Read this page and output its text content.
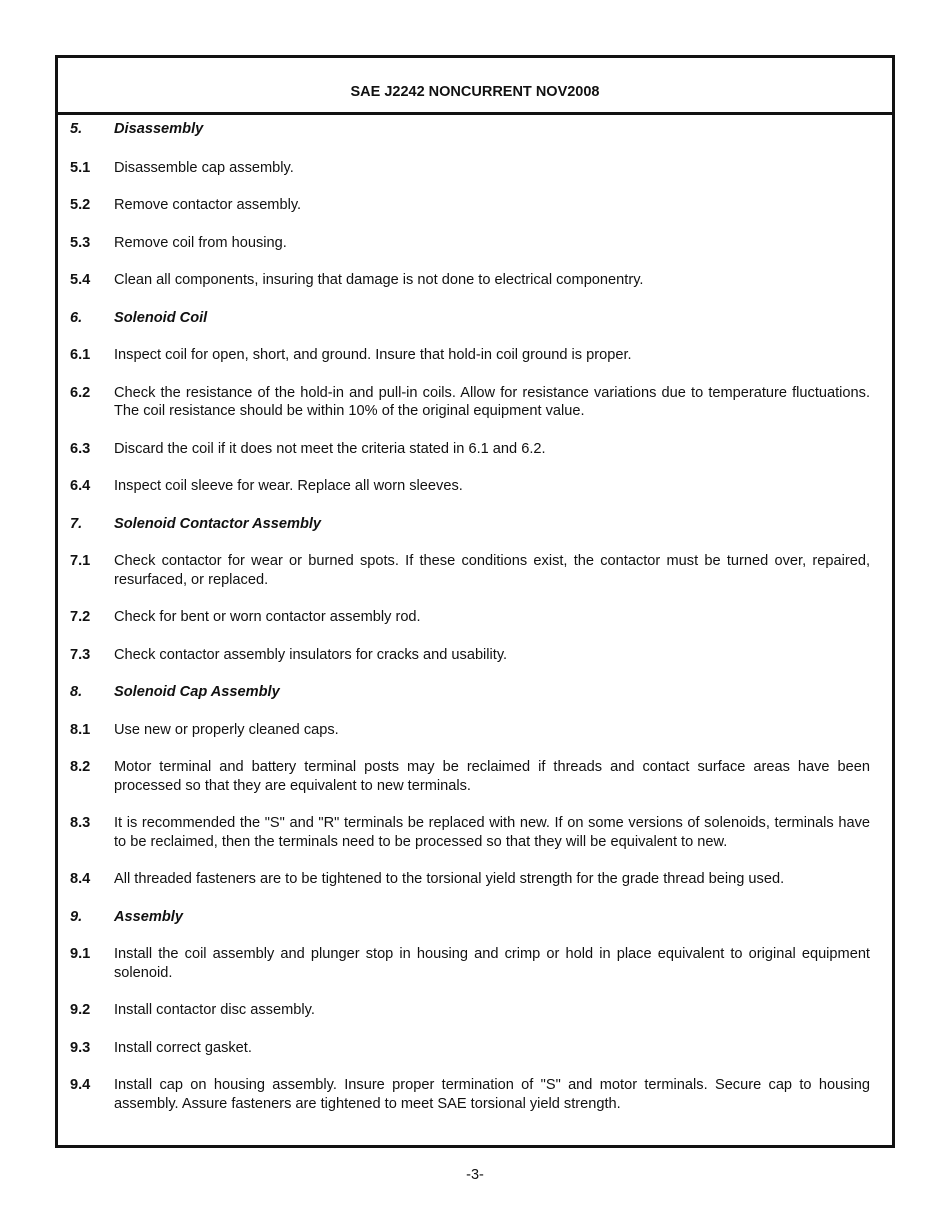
SAE J2242 NONCURRENT NOV2008
5.	Disassembly
5.1	Disassemble cap assembly.
5.2	Remove contactor assembly.
5.3	Remove coil from housing.
5.4	Clean all components, insuring that damage is not done to electrical componentry.
6.	Solenoid Coil
6.1	Inspect coil for open, short, and ground. Insure that hold-in coil ground is proper.
6.2	Check the resistance of the hold-in and pull-in coils. Allow for resistance variations due to temperature fluctuations. The coil resistance should be within 10% of the original equipment value.
6.3	Discard the coil if it does not meet the criteria stated in 6.1 and 6.2.
6.4	Inspect coil sleeve for wear. Replace all worn sleeves.
7.	Solenoid Contactor Assembly
7.1	Check contactor for wear or burned spots. If these conditions exist, the contactor must be turned over, repaired, resurfaced, or replaced.
7.2	Check for bent or worn contactor assembly rod.
7.3	Check contactor assembly insulators for cracks and usability.
8.	Solenoid Cap Assembly
8.1	Use new or properly cleaned caps.
8.2	Motor terminal and battery terminal posts may be reclaimed if threads and contact surface areas have been processed so that they are equivalent to new terminals.
8.3	It is recommended the "S" and "R" terminals be replaced with new. If on some versions of solenoids, terminals have to be reclaimed, then the terminals need to be processed so that they will be equivalent to new.
8.4	All threaded fasteners are to be tightened to the torsional yield strength for the grade thread being used.
9.	Assembly
9.1	Install the coil assembly and plunger stop in housing and crimp or hold in place equivalent to original equipment solenoid.
9.2	Install contactor disc assembly.
9.3	Install correct gasket.
9.4	Install cap on housing assembly. Insure proper termination of "S" and motor terminals. Secure cap to housing assembly. Assure fasteners are tightened to meet SAE torsional yield strength.
-3-
